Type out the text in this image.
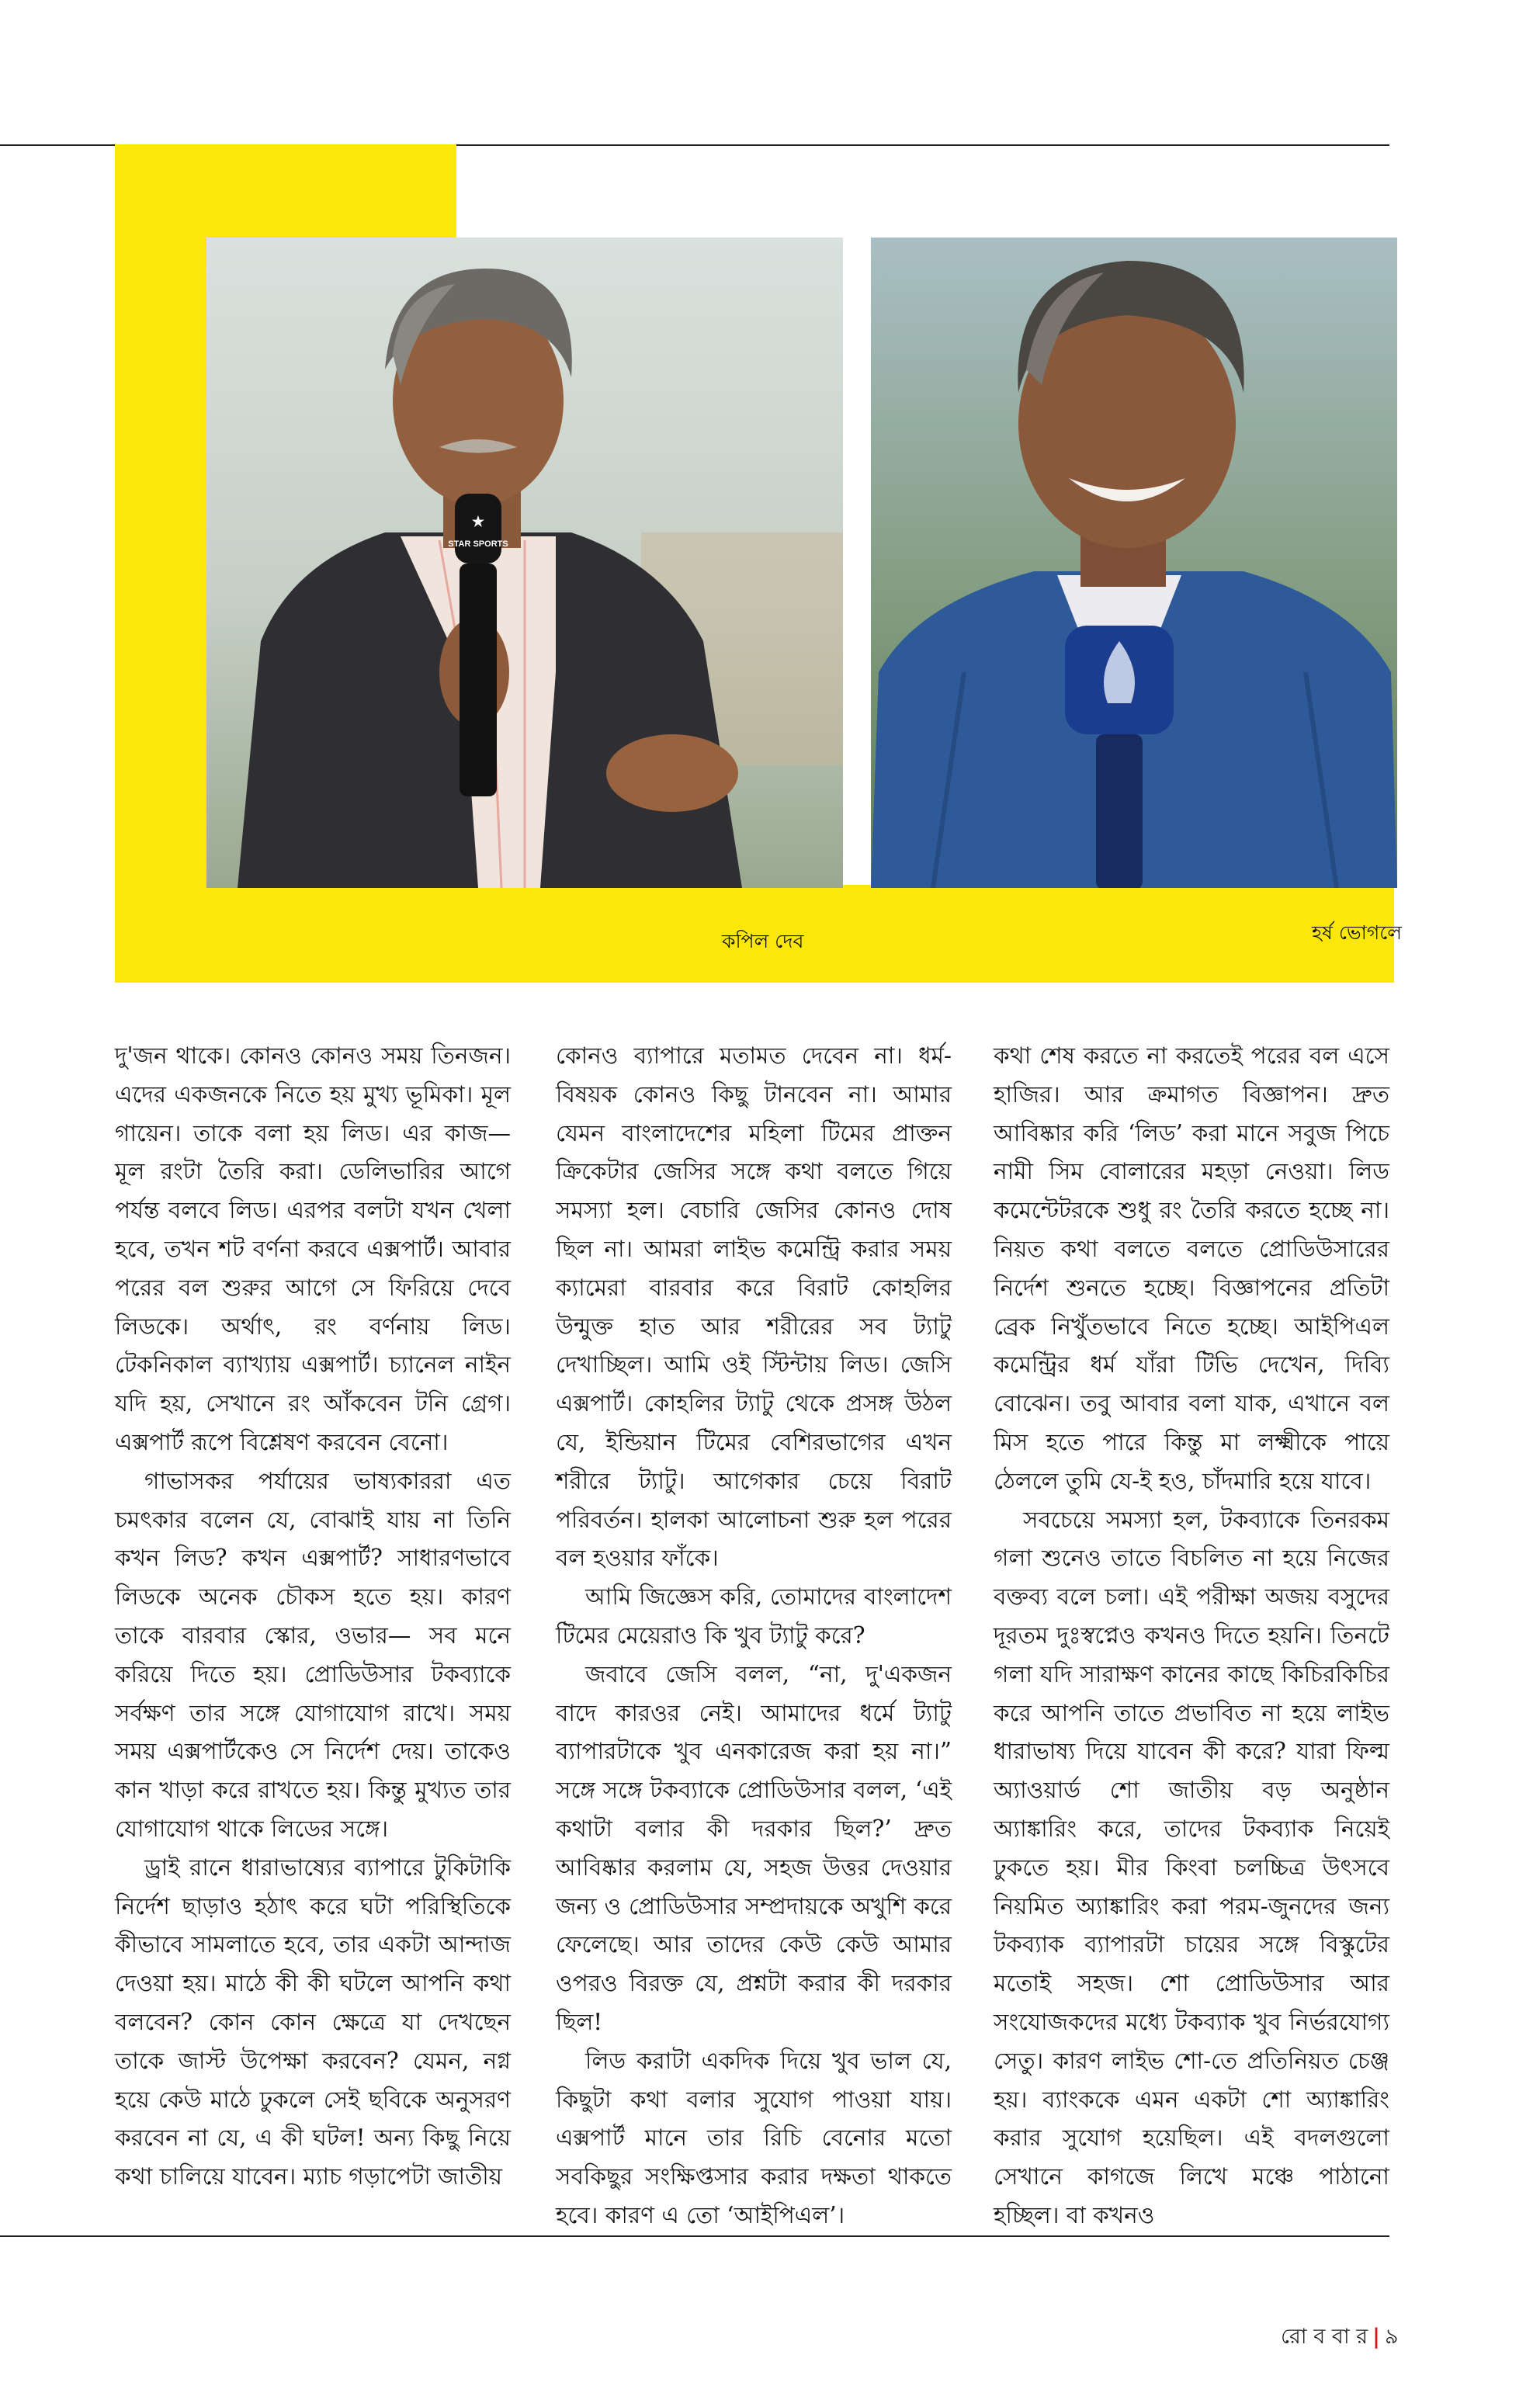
★
STAR SPORTS
কপিল দেব	হর্ষ ভোগলে

দু'জন থাকে। কোনও কোনও সময় তিনজন। এদের একজনকে নিতে হয় মুখ্য ভূমিকা। মূল গায়েন। তাকে বলা হয় লিড। এর কাজ— মূল রংটা তৈরি করা। ডেলিভারির আগে পর্যন্ত বলবে লিড। এরপর বলটা যখন খেলা হবে, তখন শট বর্ণনা করবে এক্সপার্ট। আবার পরের বল শুরুর আগে সে ফিরিয়ে দেবে লিডকে। অর্থাৎ, রং বর্ণনায় লিড। টেকনিকাল ব্যাখ্যায় এক্সপার্ট। চ্যানেল নাইন যদি হয়, সেখানে রং আঁকবেন টনি গ্রেগ। এক্সপার্ট রূপে বিশ্লেষণ করবেন বেনো।

গাভাসকর পর্যায়ের ভাষ্যকাররা এত চমৎকার বলেন যে, বোঝাই যায় না তিনি কখন লিড? কখন এক্সপার্ট? সাধারণভাবে লিডকে অনেক চৌকস হতে হয়। কারণ তাকে বারবার স্কোর, ওভার— সব মনে করিয়ে দিতে হয়। প্রোডিউসার টকব্যাকে সর্বক্ষণ তার সঙ্গে যোগাযোগ রাখে। সময় সময় এক্সপার্টকেও সে নির্দেশ দেয়। তাকেও কান খাড়া করে রাখতে হয়। কিন্তু মুখ্যত তার যোগাযোগ থাকে লিডের সঙ্গে।

ড্রাই রানে ধারাভাষ্যের ব্যাপারে টুকিটাকি নির্দেশ ছাড়াও হঠাৎ করে ঘটা পরিস্থিতিকে কীভাবে সামলাতে হবে, তার একটা আন্দাজ দেওয়া হয়। মাঠে কী কী ঘটলে আপনি কথা বলবেন? কোন কোন ক্ষেত্রে যা দেখছেন তাকে জাস্ট উপেক্ষা করবেন? যেমন, নগ্ন হয়ে কেউ মাঠে ঢুকলে সেই ছবিকে অনুসরণ করবেন না যে, এ কী ঘটল! অন্য কিছু নিয়ে কথা চালিয়ে যাবেন। ম্যাচ গড়াপেটা জাতীয়

কোনও ব্যাপারে মতামত দেবেন না। ধর্ম-বিষয়ক কোনও কিছু টানবেন না। আমার যেমন বাংলাদেশের মহিলা টিমের প্রাক্তন ক্রিকেটার জেসির সঙ্গে কথা বলতে গিয়ে সমস্যা হল। বেচারি জেসির কোনও দোষ ছিল না। আমরা লাইভ কমেন্ট্রি করার সময় ক্যামেরা বারবার করে বিরাট কোহলির উন্মুক্ত হাত আর শরীরের সব ট্যাটু দেখাচ্ছিল। আমি ওই স্টিন্টায় লিড। জেসি এক্সপার্ট। কোহলির ট্যাটু থেকে প্রসঙ্গ উঠল যে, ইন্ডিয়ান টিমের বেশিরভাগের এখন শরীরে ট্যাটু। আগেকার চেয়ে বিরাট পরিবর্তন। হালকা আলোচনা শুরু হল পরের বল হওয়ার ফাঁকে।

আমি জিজ্ঞেস করি, তোমাদের বাংলাদেশ টিমের মেয়েরাও কি খুব ট্যাটু করে?

জবাবে জেসি বলল, “না, দু'একজন বাদে কারওর নেই। আমাদের ধর্মে ট্যাটু ব্যাপারটাকে খুব এনকারেজ করা হয় না।” সঙ্গে সঙ্গে টকব্যাকে প্রোডিউসার বলল, ‘এই কথাটা বলার কী দরকার ছিল?’ দ্রুত আবিষ্কার করলাম যে, সহজ উত্তর দেওয়ার জন্য ও প্রোডিউসার সম্প্রদায়কে অখুশি করে ফেলেছে। আর তাদের কেউ কেউ আমার ওপরও বিরক্ত যে, প্রশ্নটা করার কী দরকার ছিল!

লিড করাটা একদিক দিয়ে খুব ভাল যে, কিছুটা কথা বলার সুযোগ পাওয়া যায়। এক্সপার্ট মানে তার রিচি বেনোর মতো সবকিছুর সংক্ষিপ্তসার করার দক্ষতা থাকতে হবে। কারণ এ তো ‘আইপিএল’।

কথা শেষ করতে না করতেই পরের বল এসে হাজির। আর ক্রমাগত বিজ্ঞাপন। দ্রুত আবিষ্কার করি ‘লিড’ করা মানে সবুজ পিচে নামী সিম বোলারের মহড়া নেওয়া। লিড কমেন্টেটরকে শুধু রং তৈরি করতে হচ্ছে না। নিয়ত কথা বলতে বলতে প্রোডিউসারের নির্দেশ শুনতে হচ্ছে। বিজ্ঞাপনের প্রতিটা ব্রেক নিখুঁতভাবে নিতে হচ্ছে। আইপিএল কমেন্ট্রির ধর্ম যাঁরা টিভি দেখেন, দিব্যি বোঝেন। তবু আবার বলা যাক, এখানে বল মিস হতে পারে কিন্তু মা লক্ষ্মীকে পায়ে ঠেললে তুমি যে-ই হও, চাঁদমারি হয়ে যাবে।

সবচেয়ে সমস্যা হল, টকব্যাকে তিনরকম গলা শুনেও তাতে বিচলিত না হয়ে নিজের বক্তব্য বলে চলা। এই পরীক্ষা অজয় বসুদের দূরতম দুঃস্বপ্নেও কখনও দিতে হয়নি। তিনটে গলা যদি সারাক্ষণ কানের কাছে কিচিরকিচির করে আপনি তাতে প্রভাবিত না হয়ে লাইভ ধারাভাষ্য দিয়ে যাবেন কী করে? যারা ফিল্ম অ্যাওয়ার্ড শো জাতীয় বড় অনুষ্ঠান অ্যাঙ্কারিং করে, তাদের টকব্যাক নিয়েই ঢুকতে হয়। মীর কিংবা চলচ্চিত্র উৎসবে নিয়মিত অ্যাঙ্কারিং করা পরম-জুনদের জন্য টকব্যাক ব্যাপারটা চায়ের সঙ্গে বিস্কুটের মতোই সহজ। শো প্রোডিউসার আর সংযোজকদের মধ্যে টকব্যাক খুব নির্ভরযোগ্য সেতু। কারণ লাইভ শো-তে প্রতিনিয়ত চেঞ্জ হয়। ব্যাংককে এমন একটা শো অ্যাঙ্কারিং করার সুযোগ হয়েছিল। এই বদলগুলো সেখানে কাগজে লিখে মঞ্চে পাঠানো হচ্ছিল। বা কখনও

রো ব বা র | ৯
